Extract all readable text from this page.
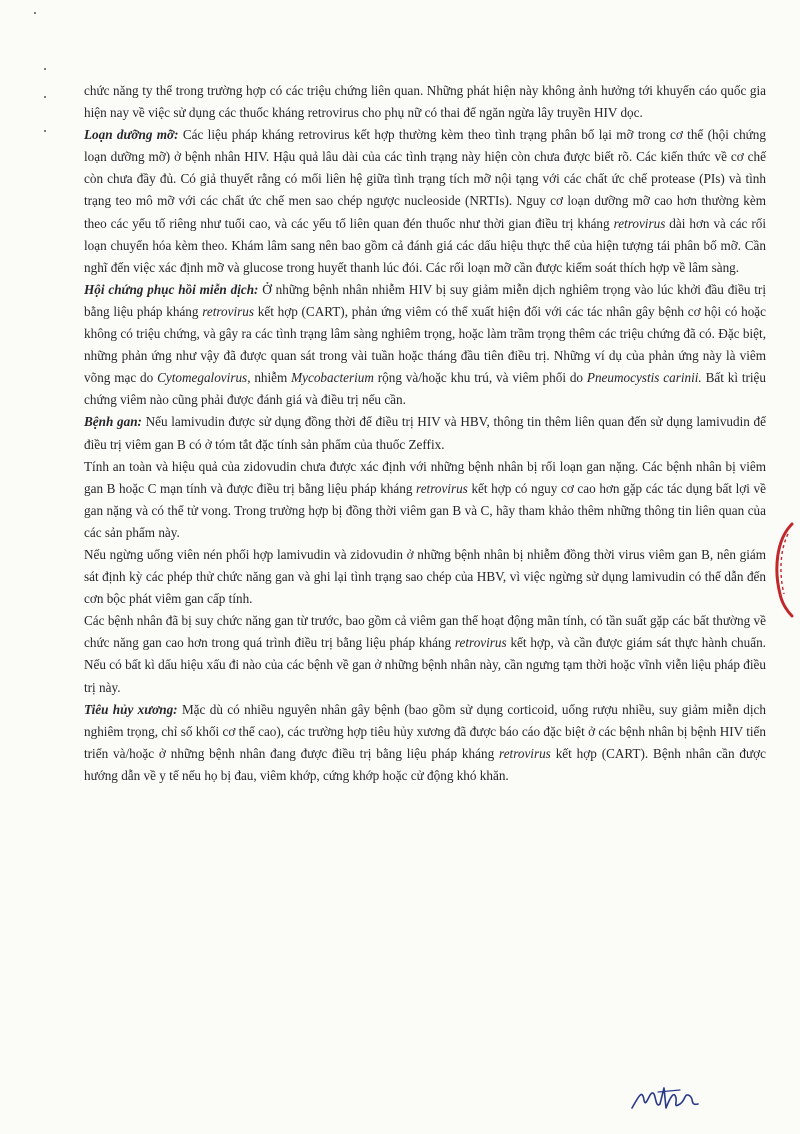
chức năng ty thể trong trường hợp có các triệu chứng liên quan. Những phát hiện này không ảnh hưởng tới khuyến cáo quốc gia hiện nay về việc sử dụng các thuốc kháng retrovirus cho phụ nữ có thai để ngăn ngừa lây truyền HIV dọc.

Loạn dưỡng mỡ: Các liệu pháp kháng retrovirus kết hợp thường kèm theo tình trạng phân bố lại mỡ trong cơ thể (hội chứng loạn dưỡng mỡ) ở bệnh nhân HIV. Hậu quả lâu dài của các tình trạng này hiện còn chưa được biết rõ. Các kiến thức về cơ chế còn chưa đầy đủ. Có giả thuyết rằng có mối liên hệ giữa tình trạng tích mỡ nội tạng với các chất ức chế protease (PIs) và tình trạng teo mô mỡ với các chất ức chế men sao chép ngược nucleoside (NRTIs). Nguy cơ loạn dưỡng mỡ cao hơn thường kèm theo các yếu tố riêng như tuổi cao, và các yếu tố liên quan đén thuốc như thời gian điều trị kháng retrovirus dài hơn và các rối loạn chuyển hóa kèm theo. Khám lâm sang nên bao gồm cả đánh giá các dấu hiệu thực thể của hiện tượng tái phân bố mỡ. Cần nghĩ đến việc xác định mỡ và glucose trong huyết thanh lúc đói. Các rối loạn mỡ cần được kiểm soát thích hợp về lâm sàng.

Hội chứng phục hồi miễn dịch: Ở những bệnh nhân nhiễm HIV bị suy giảm miễn dịch nghiêm trọng vào lúc khởi đầu điều trị bằng liệu pháp kháng retrovirus kết hợp (CART), phản ứng viêm có thể xuất hiện đối với các tác nhân gây bệnh cơ hội có hoặc không có triệu chứng, và gây ra các tình trạng lâm sàng nghiêm trọng, hoặc làm trầm trọng thêm các triệu chứng đã có. Đặc biệt, những phản ứng như vậy đã được quan sát trong vài tuần hoặc tháng đầu tiên điều trị. Những ví dụ của phản ứng này là viêm võng mạc do Cytomegalovirus, nhiễm Mycobacterium rộng và/hoặc khu trú, và viêm phổi do Pneumocystis carinii. Bất kì triệu chứng viêm nào cũng phải được đánh giá và điều trị nếu cần.

Bệnh gan: Nếu lamivudin được sử dụng đồng thời để điều trị HIV và HBV, thông tin thêm liên quan đến sử dụng lamivudin để điều trị viêm gan B có ở tóm tắt đặc tính sản phẩm của thuốc Zeffix.

Tính an toàn và hiệu quả của zidovudin chưa được xác định với những bệnh nhân bị rối loạn gan nặng. Các bệnh nhân bị viêm gan B hoặc C mạn tính và được điều trị bằng liệu pháp kháng retrovirus kết hợp có nguy cơ cao hơn gặp các tác dụng bất lợi về gan nặng và có thể tử vong. Trong trường hợp bị đồng thời viêm gan B và C, hãy tham khảo thêm những thông tin liên quan của các sản phẩm này.

Nếu ngừng uống viên nén phối hợp lamivudin và zidovudin ở những bệnh nhân bị nhiễm đồng thời virus viêm gan B, nên giám sát định kỳ các phép thử chức năng gan và ghi lại tình trạng sao chép của HBV, vì việc ngừng sử dụng lamivudin có thể dẫn đến cơn bộc phát viêm gan cấp tính.

Các bệnh nhân đã bị suy chức năng gan từ trước, bao gồm cả viêm gan thể hoạt động mãn tính, có tần suất gặp các bất thường về chức năng gan cao hơn trong quá trình điều trị bằng liệu pháp kháng retrovirus kết hợp, và cần được giám sát thực hành chuẩn. Nếu có bất kì dấu hiệu xấu đi nào của các bệnh về gan ở những bệnh nhân này, cần ngưng tạm thời hoặc vĩnh viễn liệu pháp điều trị này.

Tiêu hủy xương: Mặc dù có nhiều nguyên nhân gây bệnh (bao gồm sử dụng corticoid, uống rượu nhiều, suy giảm miễn dịch nghiêm trọng, chỉ số khối cơ thể cao), các trường hợp tiêu hủy xương đã được báo cáo đặc biệt ở các bệnh nhân bị bệnh HIV tiến triển và/hoặc ở những bệnh nhân đang được điều trị bằng liệu pháp kháng retrovirus kết hợp (CART). Bệnh nhân cần được hướng dẫn về y tế nếu họ bị đau, viêm khớp, cứng khớp hoặc cử động khó khăn.
